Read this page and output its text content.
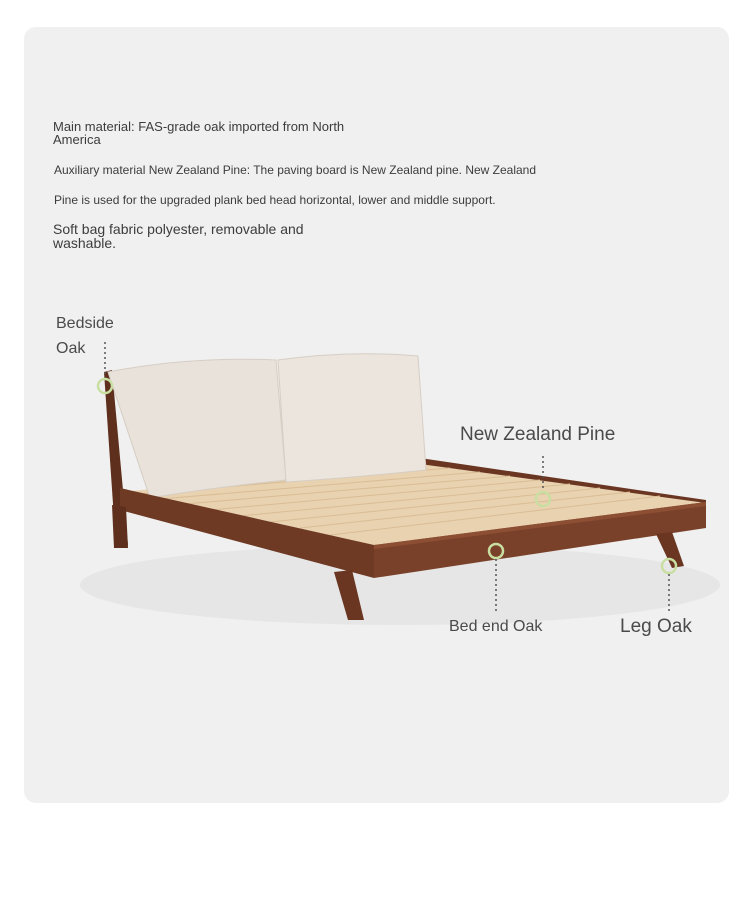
Main material: FAS-grade oak imported from North America

Auxiliary material New Zealand Pine: The paving board is New Zealand pine. New Zealand

Pine is used for the upgraded plank bed head horizontal, lower and middle support.

Soft bag fabric polyester, removable and washable.

Bedside
Oak

New Zealand Pine

Bed end Oak	Leg Oak
